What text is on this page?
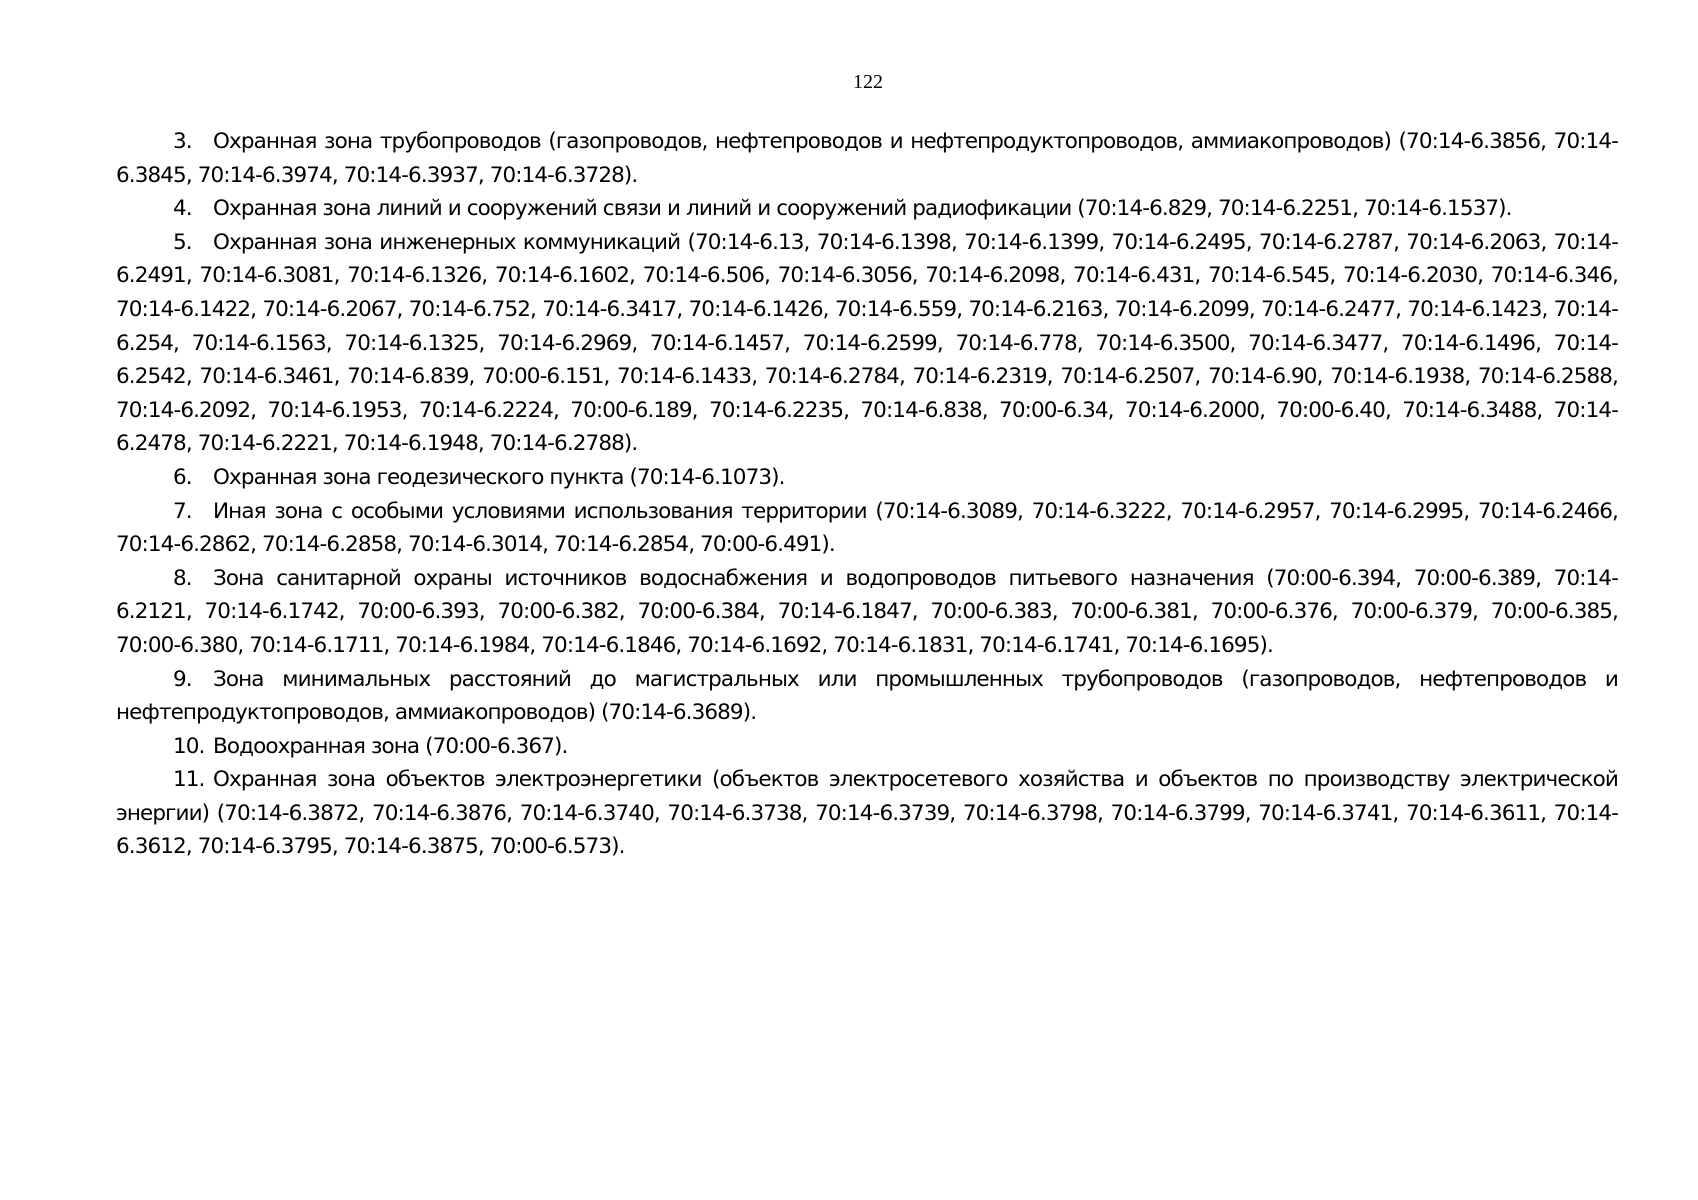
122

3. Охранная зона трубопроводов (газопроводов, нефтепроводов и нефтепродуктопроводов, аммиакопроводов) (70:14-6.3856, 70:14-6.3845, 70:14-6.3974, 70:14-6.3937, 70:14-6.3728).

4. Охранная зона линий и сооружений связи и линий и сооружений радиофикации (70:14-6.829, 70:14-6.2251, 70:14-6.1537).

5. Охранная зона инженерных коммуникаций (70:14-6.13, 70:14-6.1398, 70:14-6.1399, 70:14-6.2495, 70:14-6.2787, 70:14-6.2063, 70:14-6.2491, 70:14-6.3081, 70:14-6.1326, 70:14-6.1602, 70:14-6.506, 70:14-6.3056, 70:14-6.2098, 70:14-6.431, 70:14-6.545, 70:14-6.2030, 70:14-6.346, 70:14-6.1422, 70:14-6.2067, 70:14-6.752, 70:14-6.3417, 70:14-6.1426, 70:14-6.559, 70:14-6.2163, 70:14-6.2099, 70:14-6.2477, 70:14-6.1423, 70:14-6.254, 70:14-6.1563, 70:14-6.1325, 70:14-6.2969, 70:14-6.1457, 70:14-6.2599, 70:14-6.778, 70:14-6.3500, 70:14-6.3477, 70:14-6.1496, 70:14-6.2542, 70:14-6.3461, 70:14-6.839, 70:00-6.151, 70:14-6.1433, 70:14-6.2784, 70:14-6.2319, 70:14-6.2507, 70:14-6.90, 70:14-6.1938, 70:14-6.2588, 70:14-6.2092, 70:14-6.1953, 70:14-6.2224, 70:00-6.189, 70:14-6.2235, 70:14-6.838, 70:00-6.34, 70:14-6.2000, 70:00-6.40, 70:14-6.3488, 70:14-6.2478, 70:14-6.2221, 70:14-6.1948, 70:14-6.2788).

6. Охранная зона геодезического пункта (70:14-6.1073).

7. Иная зона с особыми условиями использования территории (70:14-6.3089, 70:14-6.3222, 70:14-6.2957, 70:14-6.2995, 70:14-6.2466, 70:14-6.2862, 70:14-6.2858, 70:14-6.3014, 70:14-6.2854, 70:00-6.491).

8. Зона санитарной охраны источников водоснабжения и водопроводов питьевого назначения (70:00-6.394, 70:00-6.389, 70:14-6.2121, 70:14-6.1742, 70:00-6.393, 70:00-6.382, 70:00-6.384, 70:14-6.1847, 70:00-6.383, 70:00-6.381, 70:00-6.376, 70:00-6.379, 70:00-6.385, 70:00-6.380, 70:14-6.1711, 70:14-6.1984, 70:14-6.1846, 70:14-6.1692, 70:14-6.1831, 70:14-6.1741, 70:14-6.1695).

9. Зона минимальных расстояний до магистральных или промышленных трубопроводов (газопроводов, нефтепроводов и нефтепродуктопроводов, аммиакопроводов) (70:14-6.3689).

10. Водоохранная зона (70:00-6.367).

11. Охранная зона объектов электроэнергетики (объектов электросетевого хозяйства и объектов по производству электрической энергии) (70:14-6.3872, 70:14-6.3876, 70:14-6.3740, 70:14-6.3738, 70:14-6.3739, 70:14-6.3798, 70:14-6.3799, 70:14-6.3741, 70:14-6.3611, 70:14-6.3612, 70:14-6.3795, 70:14-6.3875, 70:00-6.573).
